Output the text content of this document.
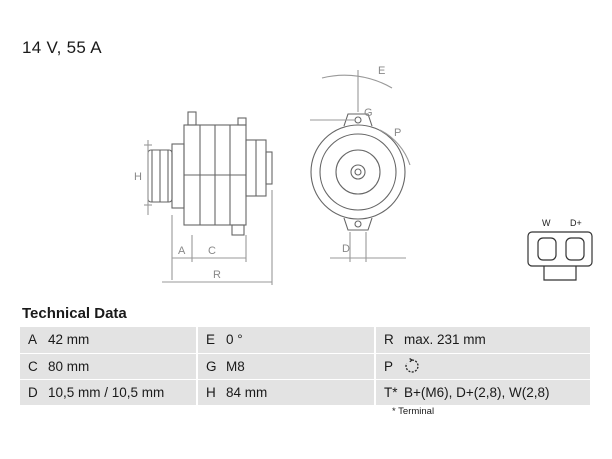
14 V, 55 A
H
A C
R
E
G
P
D
W D+
Technical Data
A	42 mm		E	0 °		R	max. 231 mm
C	80 mm		G	M8		P	
D	10,5 mm / 10,5 mm		H	84 mm		T*	B+(M6), D+(2,8), W(2,8)
* Terminal
